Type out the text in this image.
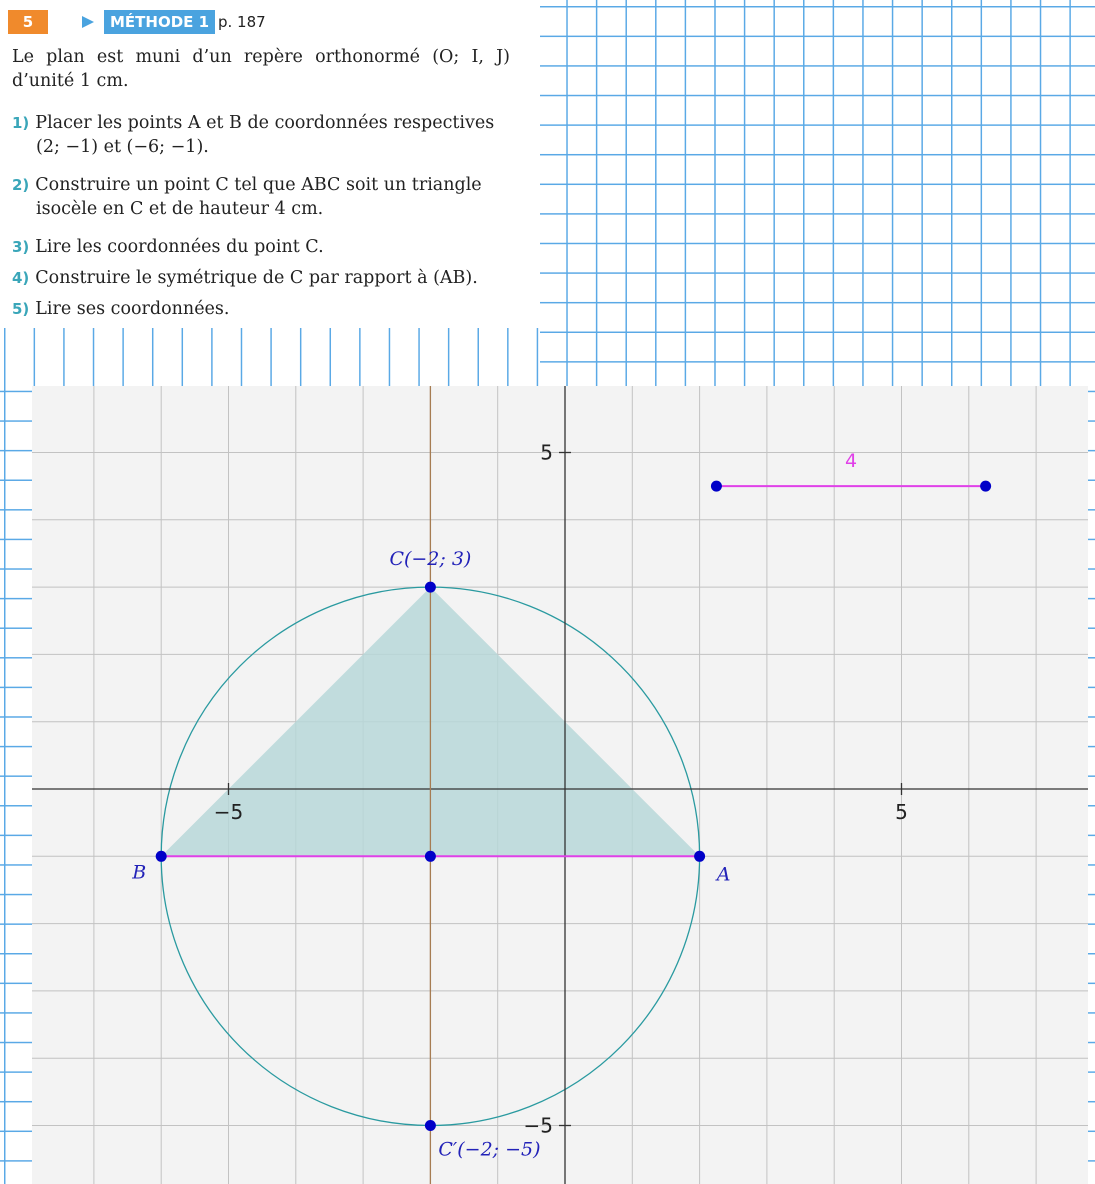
5	MÉTHODE 1 p. 187
Le plan est muni d’un repère orthonormé (O; I, J)
d’unité 1 cm.
1) Placer les points A et B de coordonnées respectives
(2; −1) et (−6; −1).
2) Construire un point C tel que ABC soit un triangle
isocèle en C et de hauteur 4 cm.
3) Lire les coordonnées du point C.
4) Construire le symétrique de C par rapport à (AB).
5) Lire ses coordonnées.
4
−5	5
5
−5
A
B
C(−2; 3)
C′(−2; −5)
